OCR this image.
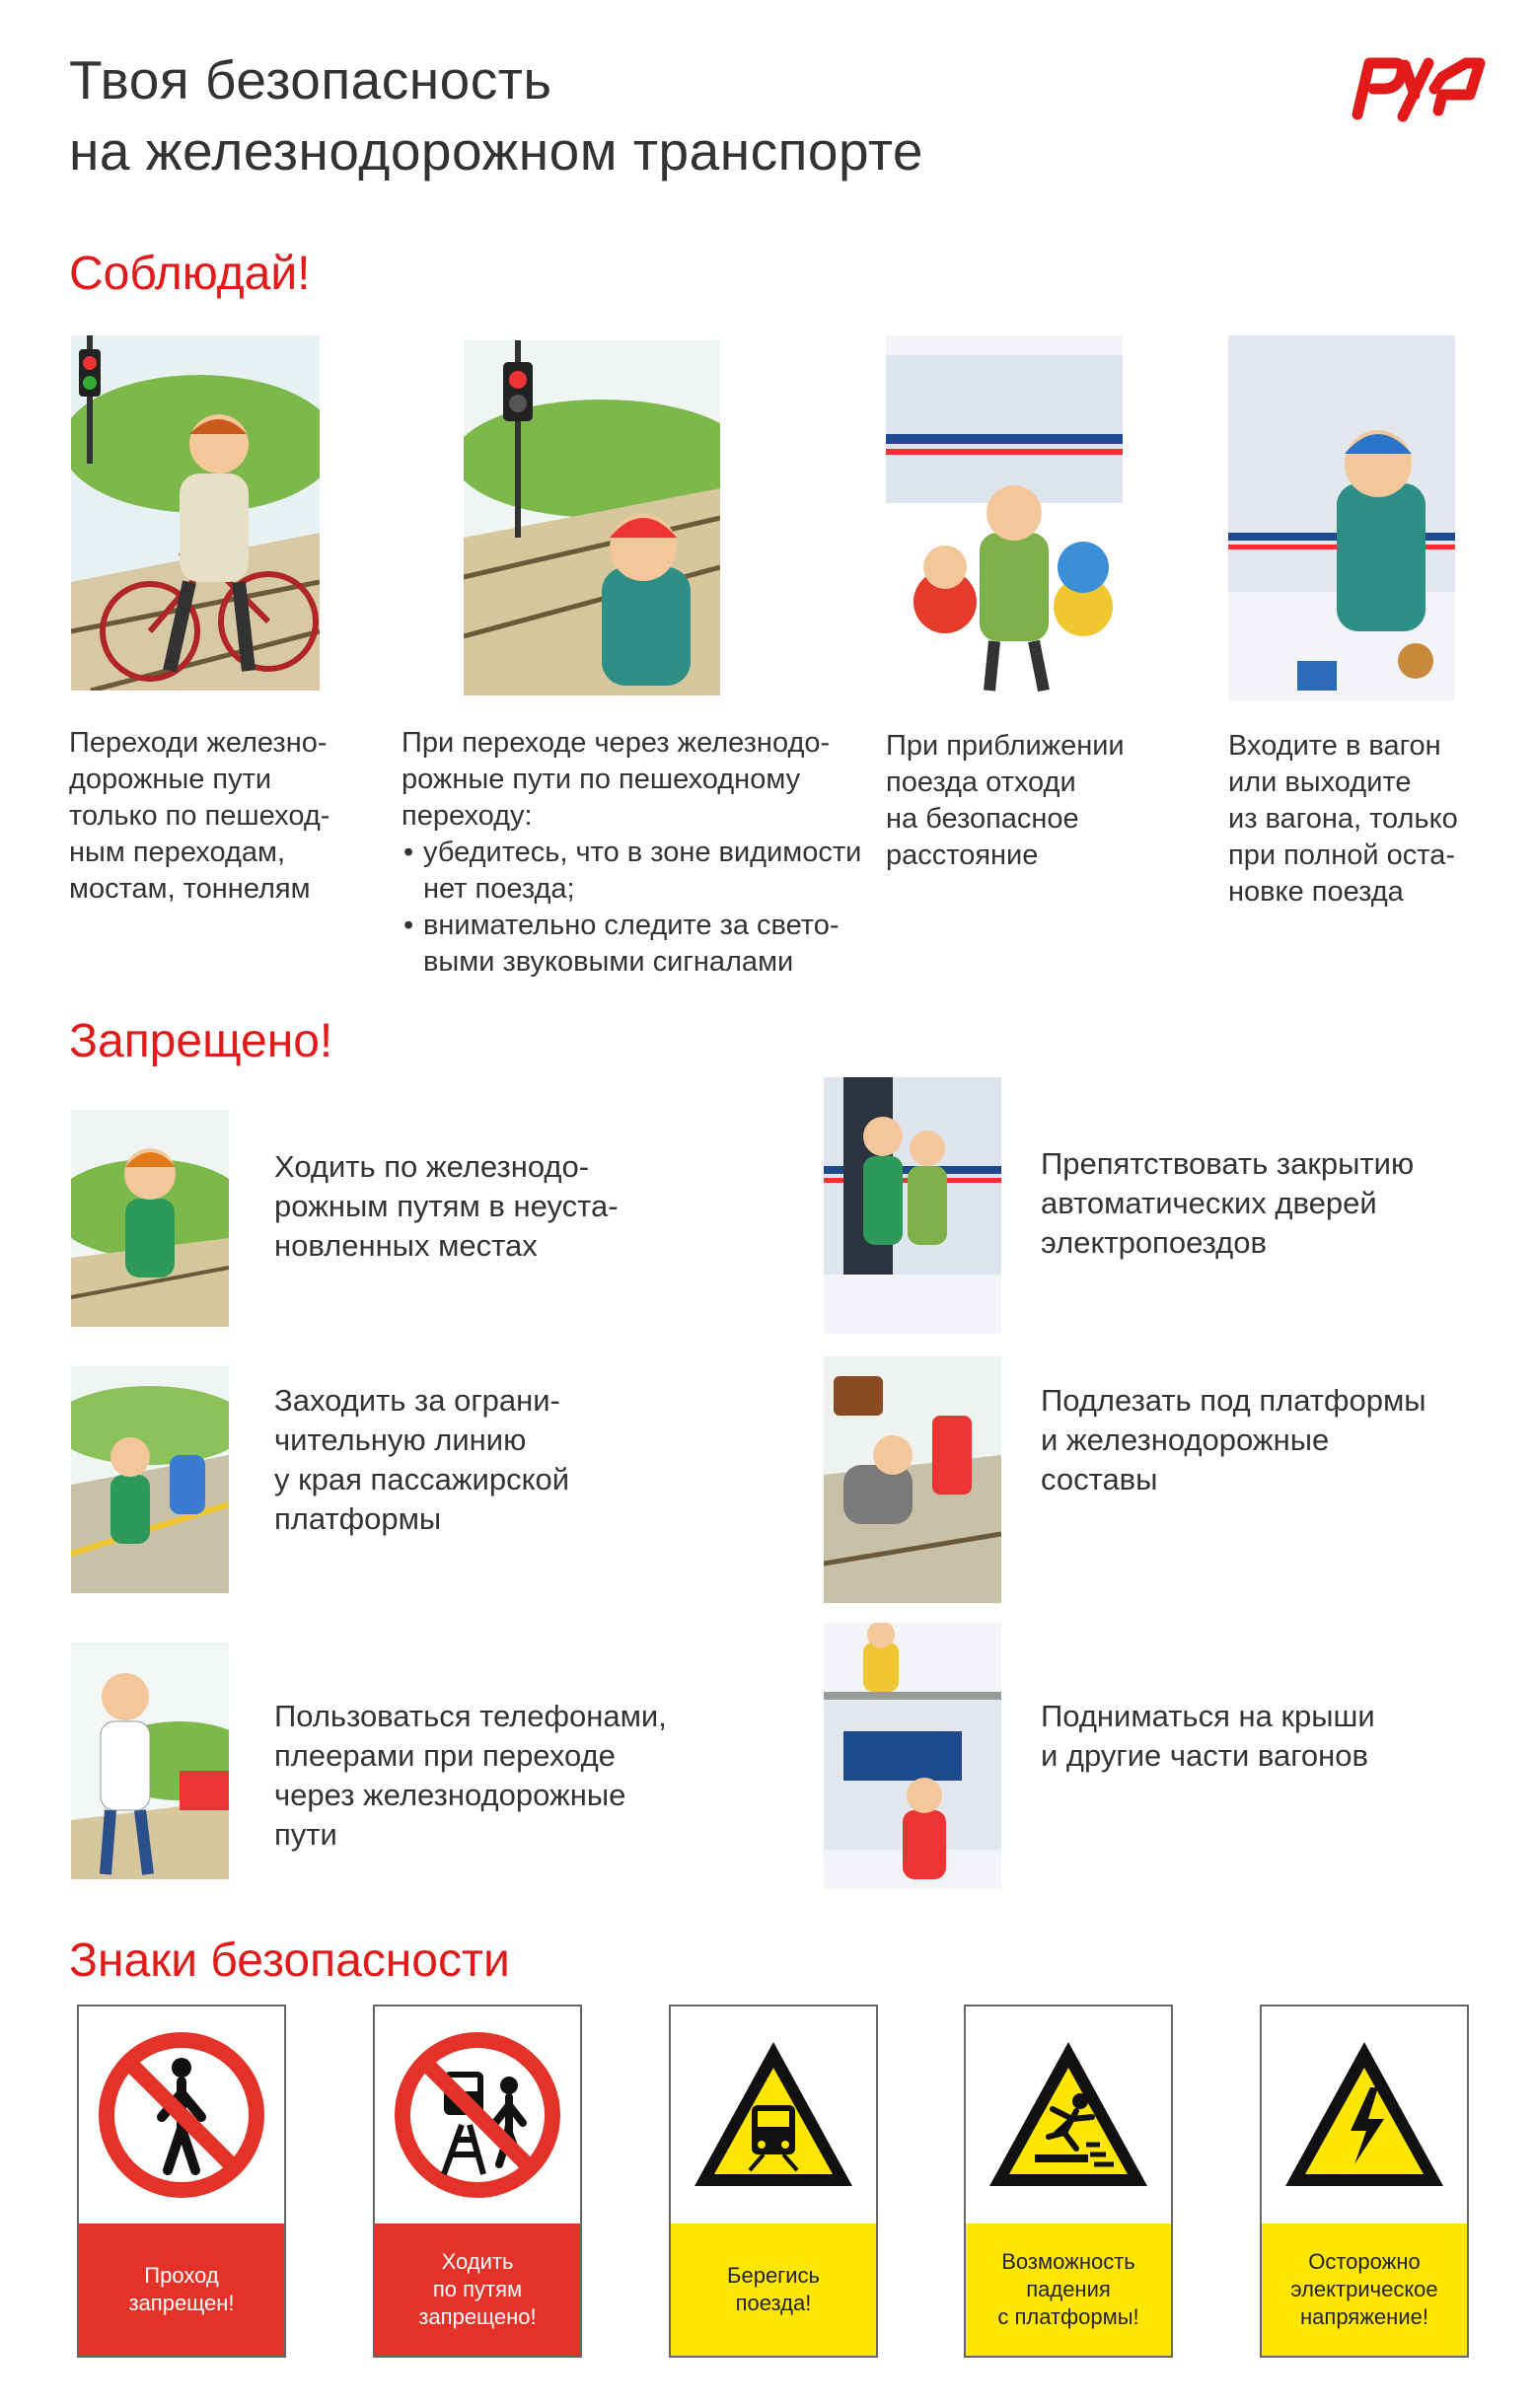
Твоя безопасность
на железнодорожном транспорте
Соблюдай!
Переходи железно-
дорожные пути
только по пешеход-
ным переходам,
мостам, тоннелям
При переходе через железнодо-
рожные пути по пешеходному
переходу:
• убедитесь, что в зоне видимости нет поезда;
• внимательно следите за свето- выми звуковыми сигналами
При приближении
поезда отходи
на безопасное
расстояние
Входите в вагон
или выходите
из вагона, только
при полной оста-
новке поезда
Запрещено!
Ходить по железнодо-
рожным путям в неуста-
новленных местах
Препятствовать закрытию
автоматических дверей
электропоездов
Заходить за ограни-
чительную линию
у края пассажирской
платформы
Подлезать под платформы
и железнодорожные
составы
Пользоваться телефонами,
плеерами при переходе
через железнодорожные
пути
Подниматься на крыши
и другие части вагонов
Знаки безопасности
Проход
запрещен!
Ходить
по путям
запрещено!
Берегись
поезда!
Возможность
падения
с платформы!
Осторожно
электрическое
напряжение!
